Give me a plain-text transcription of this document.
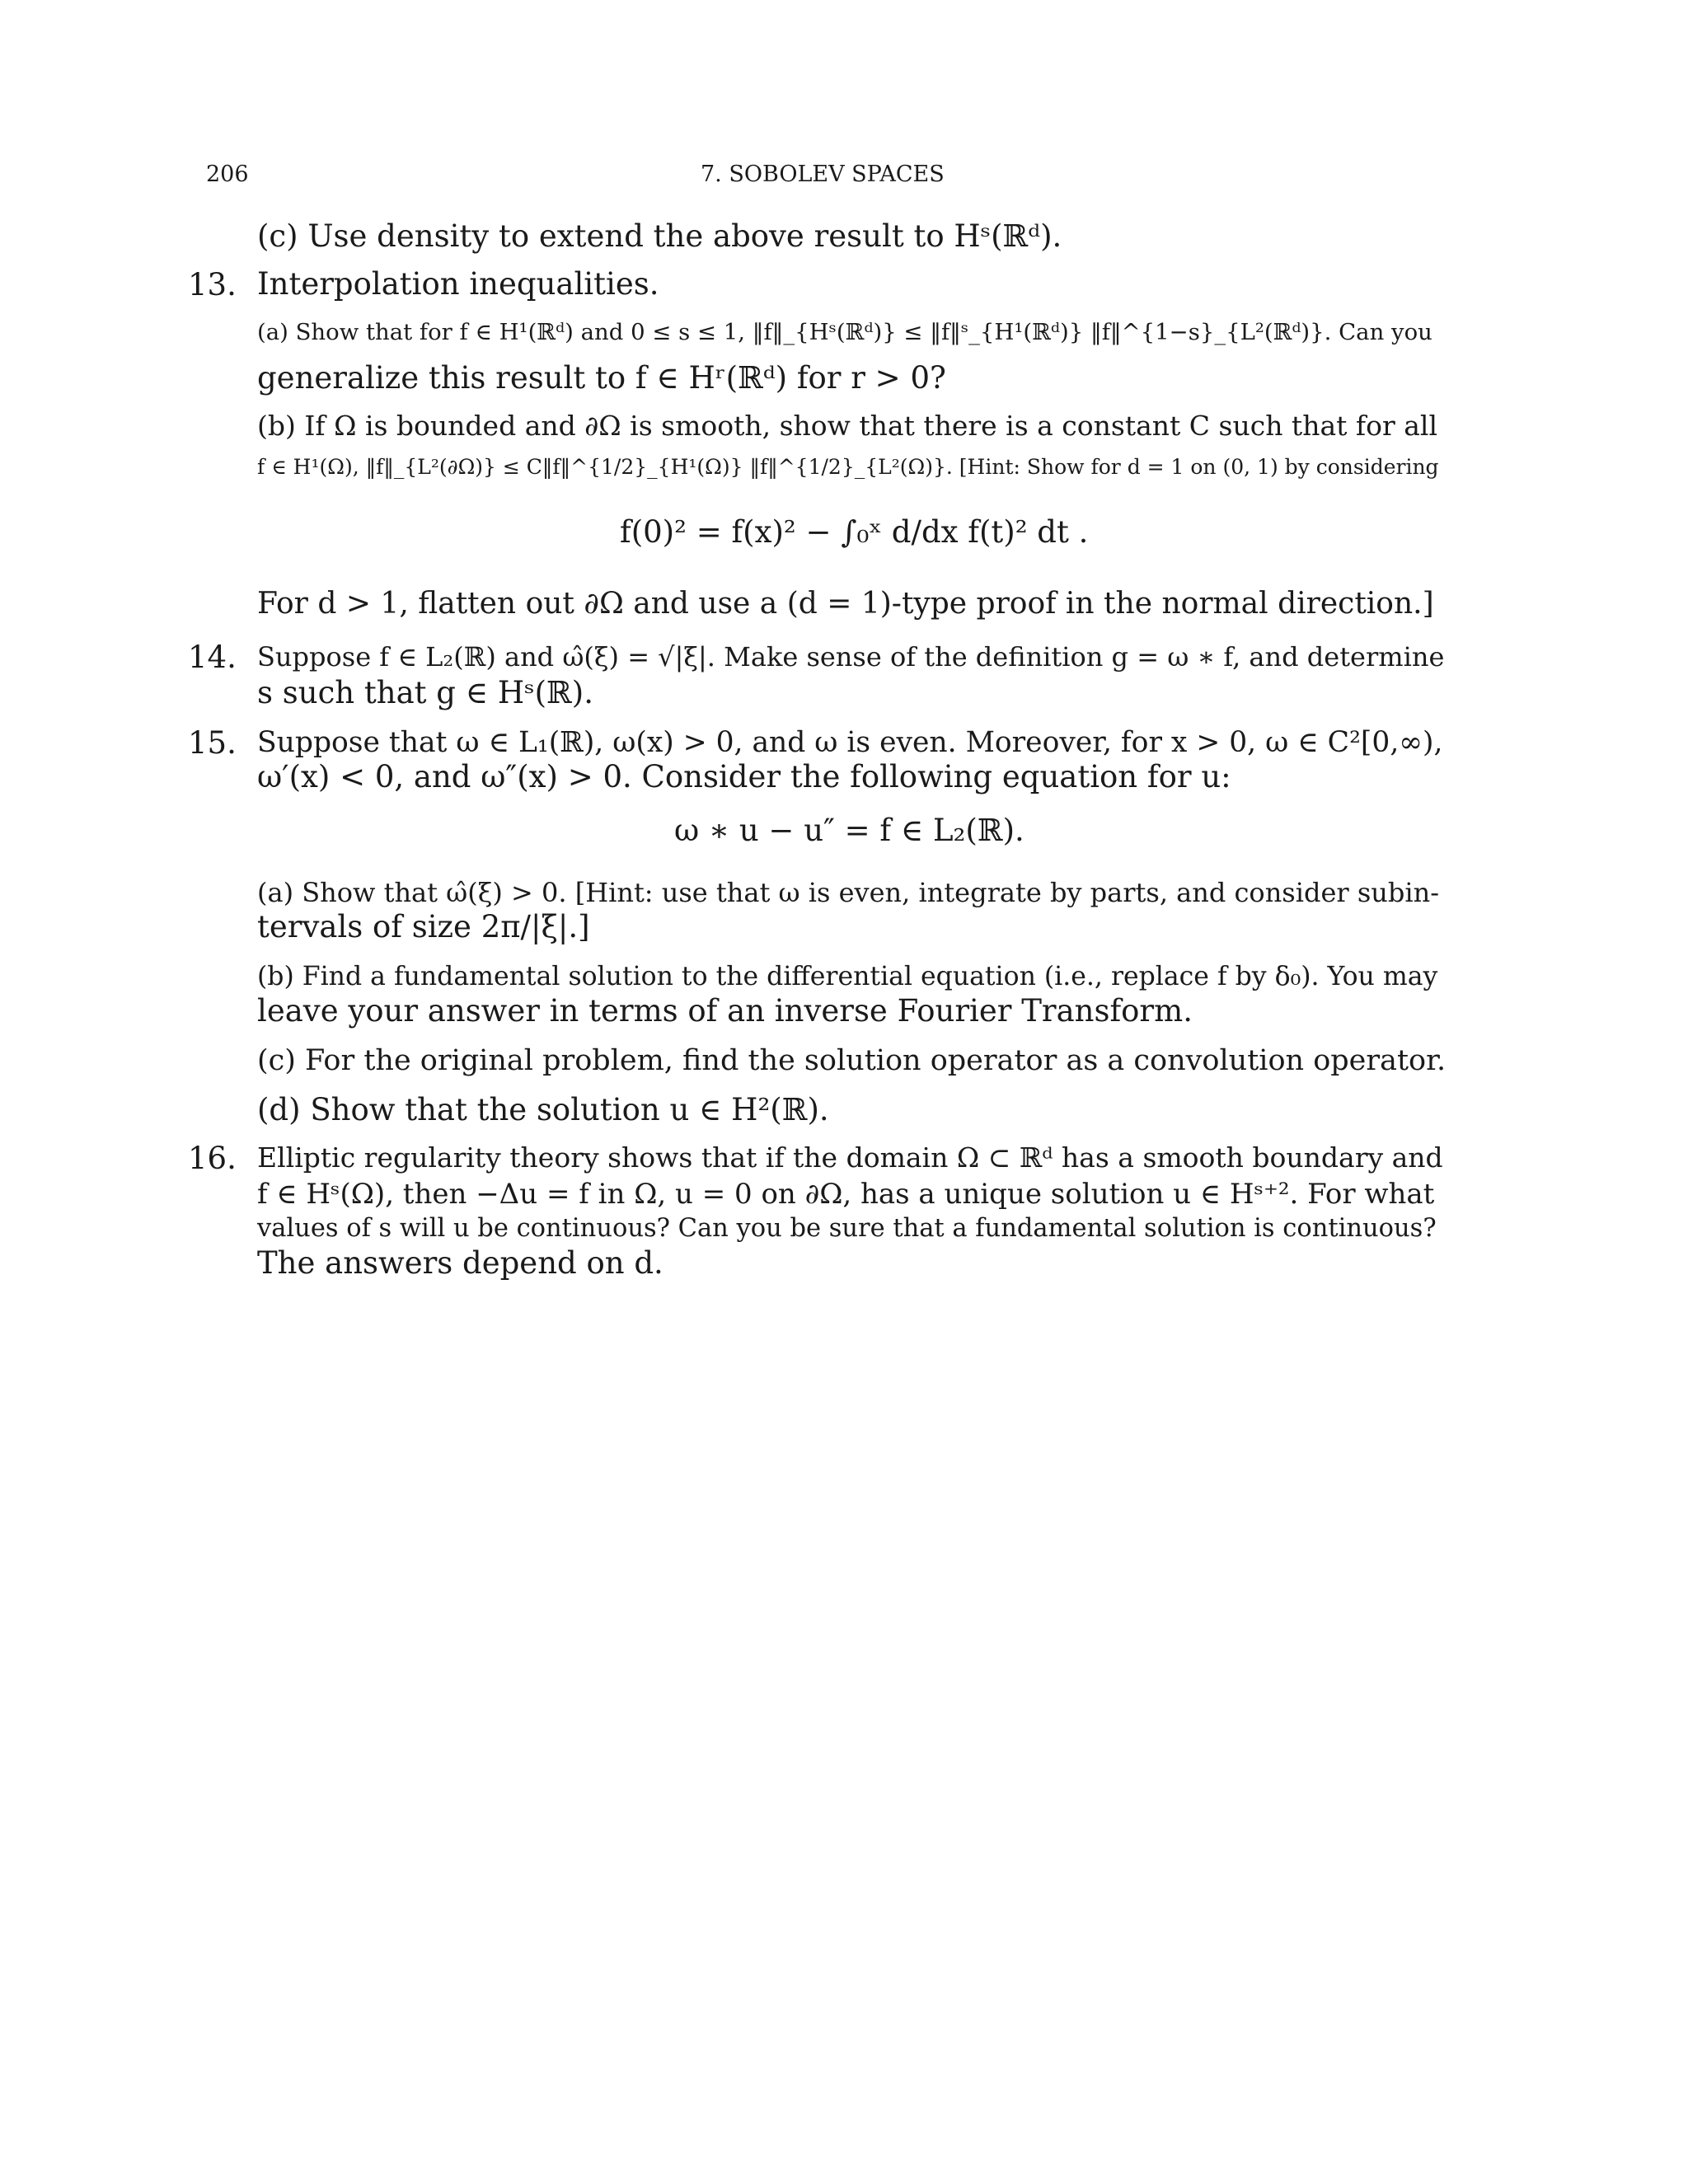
206	7. SOBOLEV SPACES
(c) Use density to extend the above result to Hˢ(ℝᵈ).
13. Interpolation inequalities.
(a) Show that for f ∈ H¹(ℝᵈ) and 0 ≤ s ≤ 1, ‖f‖_{Hˢ(ℝᵈ)} ≤ ‖f‖ˢ_{H¹(ℝᵈ)} ‖f‖^{1−s}_{L²(ℝᵈ)}. Can you
generalize this result to f ∈ Hʳ(ℝᵈ) for r > 0?
(b) If Ω is bounded and ∂Ω is smooth, show that there is a constant C such that for all
f ∈ H¹(Ω), ‖f‖_{L²(∂Ω)} ≤ C‖f‖^{1/2}_{H¹(Ω)} ‖f‖^{1/2}_{L²(Ω)}. [Hint: Show for d = 1 on (0, 1) by considering
f(0)² = f(x)² − ∫₀ˣ d/dx f(t)² dt .
For d > 1, flatten out ∂Ω and use a (d = 1)-type proof in the normal direction.]
14. Suppose f ∈ L₂(ℝ) and ω̂(ξ) = √|ξ|. Make sense of the definition g = ω ∗ f, and determine
s such that g ∈ Hˢ(ℝ).
15. Suppose that ω ∈ L₁(ℝ), ω(x) > 0, and ω is even. Moreover, for x > 0, ω ∈ C²[0,∞),
ω′(x) < 0, and ω″(x) > 0. Consider the following equation for u:
ω ∗ u − u″ = f ∈ L₂(ℝ).
(a) Show that ω̂(ξ) > 0. [Hint: use that ω is even, integrate by parts, and consider subin-
tervals of size 2π/|ξ|.]
(b) Find a fundamental solution to the differential equation (i.e., replace f by δ₀). You may
leave your answer in terms of an inverse Fourier Transform.
(c) For the original problem, find the solution operator as a convolution operator.
(d) Show that the solution u ∈ H²(ℝ).
16. Elliptic regularity theory shows that if the domain Ω ⊂ ℝᵈ has a smooth boundary and
f ∈ Hˢ(Ω), then −Δu = f in Ω, u = 0 on ∂Ω, has a unique solution u ∈ Hˢ⁺². For what
values of s will u be continuous? Can you be sure that a fundamental solution is continuous?
The answers depend on d.
